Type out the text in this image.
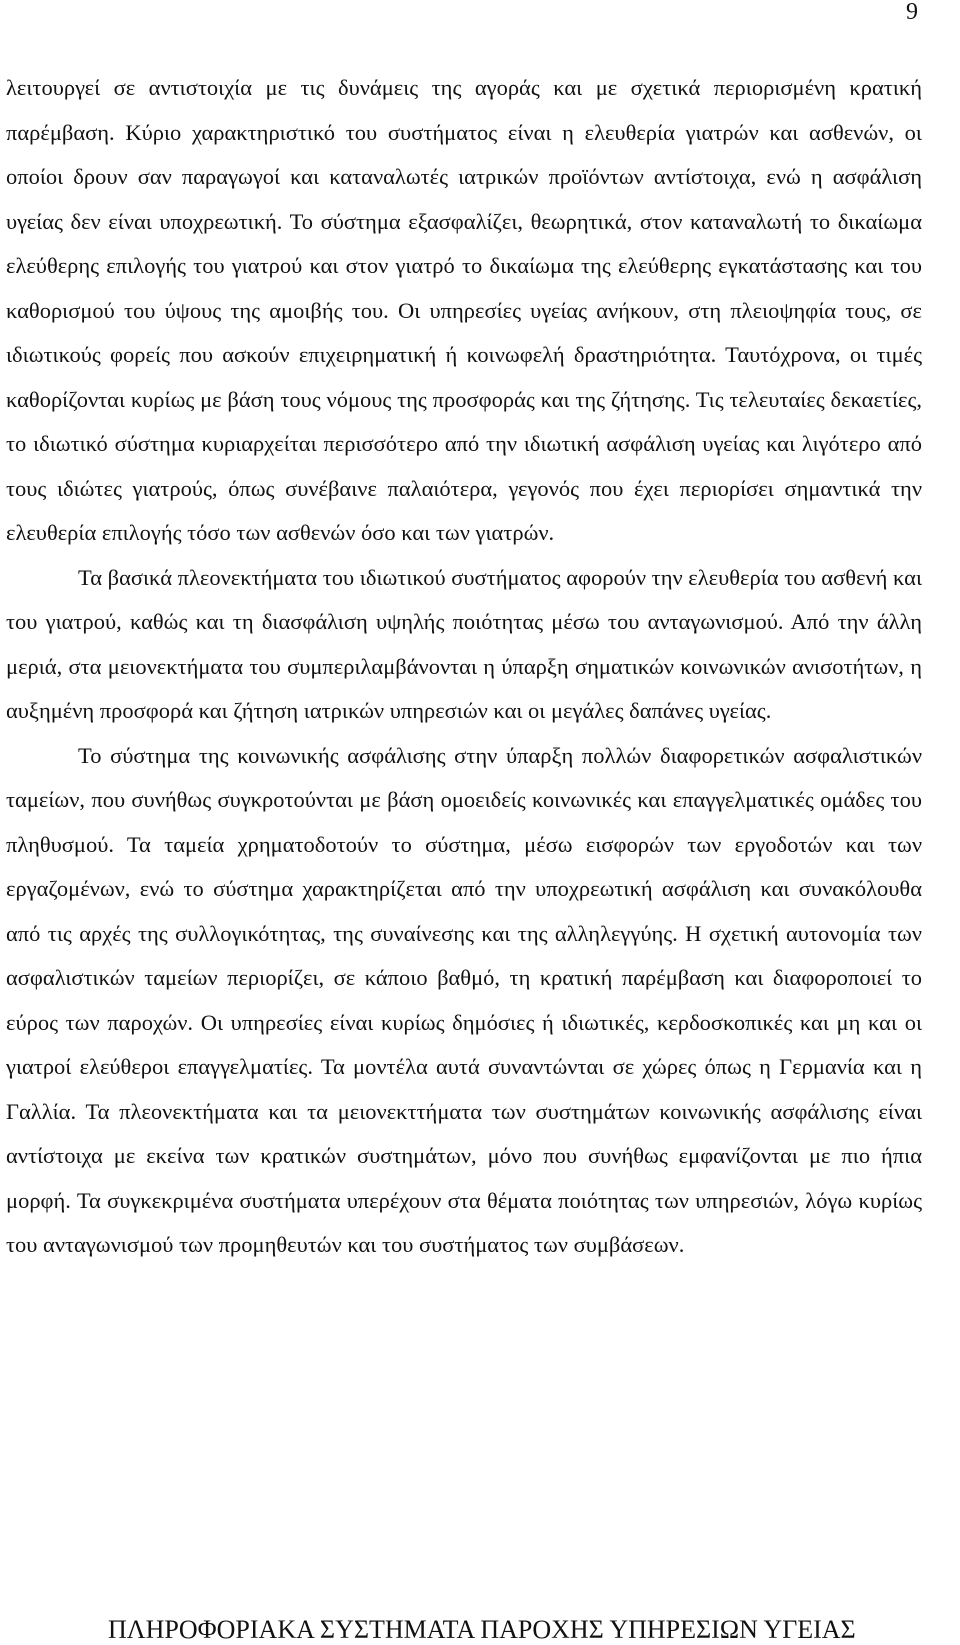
9

λειτουργεί σε αντιστοιχία με τις δυνάμεις της αγοράς και με σχετικά περιορισμένη κρατική παρέμβαση. Κύριο χαρακτηριστικό του συστήματος είναι η ελευθερία γιατρών και ασθενών, οι οποίοι δρουν σαν παραγωγοί και καταναλωτές ιατρικών προϊόντων αντίστοιχα, ενώ η ασφάλιση υγείας δεν είναι υποχρεωτική. Το σύστημα εξασφαλίζει, θεωρητικά, στον καταναλωτή το δικαίωμα ελεύθερης επιλογής του γιατρού και στον γιατρό το δικαίωμα της ελεύθερης εγκατάστασης και του καθορισμού του ύψους της αμοιβής του. Οι υπηρεσίες υγείας ανήκουν, στη πλειοψηφία τους, σε ιδιωτικούς φορείς που ασκούν επιχειρηματική ή κοινωφελή δραστηριότητα. Ταυτόχρονα, οι τιμές καθορίζονται κυρίως με βάση τους νόμους της προσφοράς και της ζήτησης. Τις τελευταίες δεκαετίες, το ιδιωτικό σύστημα κυριαρχείται περισσότερο από την ιδιωτική ασφάλιση υγείας και λιγότερο από τους ιδιώτες γιατρούς, όπως συνέβαινε παλαιότερα, γεγονός που έχει περιορίσει σημαντικά την ελευθερία επιλογής τόσο των ασθενών όσο και των γιατρών.

Τα βασικά πλεονεκτήματα του ιδιωτικού συστήματος αφορούν την ελευθερία του ασθενή και του γιατρού, καθώς και τη διασφάλιση υψηλής ποιότητας μέσω του ανταγωνισμού. Από την άλλη μεριά, στα μειονεκτήματα του συμπεριλαμβάνονται η ύπαρξη σηματικών κοινωνικών ανισοτήτων, η αυξημένη προσφορά και ζήτηση ιατρικών υπηρεσιών και οι μεγάλες δαπάνες υγείας.

Το σύστημα της κοινωνικής ασφάλισης στην ύπαρξη πολλών διαφορετικών ασφαλιστικών ταμείων, που συνήθως συγκροτούνται με βάση ομοειδείς κοινωνικές και επαγγελματικές ομάδες του πληθυσμού. Τα ταμεία χρηματοδοτούν το σύστημα, μέσω εισφορών των εργοδοτών και των εργαζομένων, ενώ το σύστημα χαρακτηρίζεται από την υποχρεωτική ασφάλιση και συνακόλουθα από τις αρχές της συλλογικότητας, της συναίνεσης και της αλληλεγγύης. Η σχετική αυτονομία των ασφαλιστικών ταμείων περιορίζει, σε κάποιο βαθμό, τη κρατική παρέμβαση και διαφοροποιεί το εύρος των παροχών. Οι υπηρεσίες είναι κυρίως δημόσιες ή ιδιωτικές, κερδοσκοπικές και μη και οι γιατροί ελεύθεροι επαγγελματίες. Τα μοντέλα αυτά συναντώνται σε χώρες όπως η Γερμανία και η Γαλλία. Τα πλεονεκτήματα και τα μειονεκττήματα των συστημάτων κοινωνικής ασφάλισης είναι αντίστοιχα με εκείνα των κρατικών συστημάτων, μόνο που συνήθως εμφανίζονται με πιο ήπια μορφή. Τα συγκεκριμένα συστήματα υπερέχουν στα θέματα ποιότητας των υπηρεσιών, λόγω κυρίως του ανταγωνισμού των προμηθευτών και του συστήματος των συμβάσεων.

ΠΛΗΡΟΦΟΡΙΑΚΑ ΣΥΣΤΗΜΑΤΑ ΠΑΡΟΧΗΣ ΥΠΗΡΕΣΙΩΝ ΥΓΕΙΑΣ
